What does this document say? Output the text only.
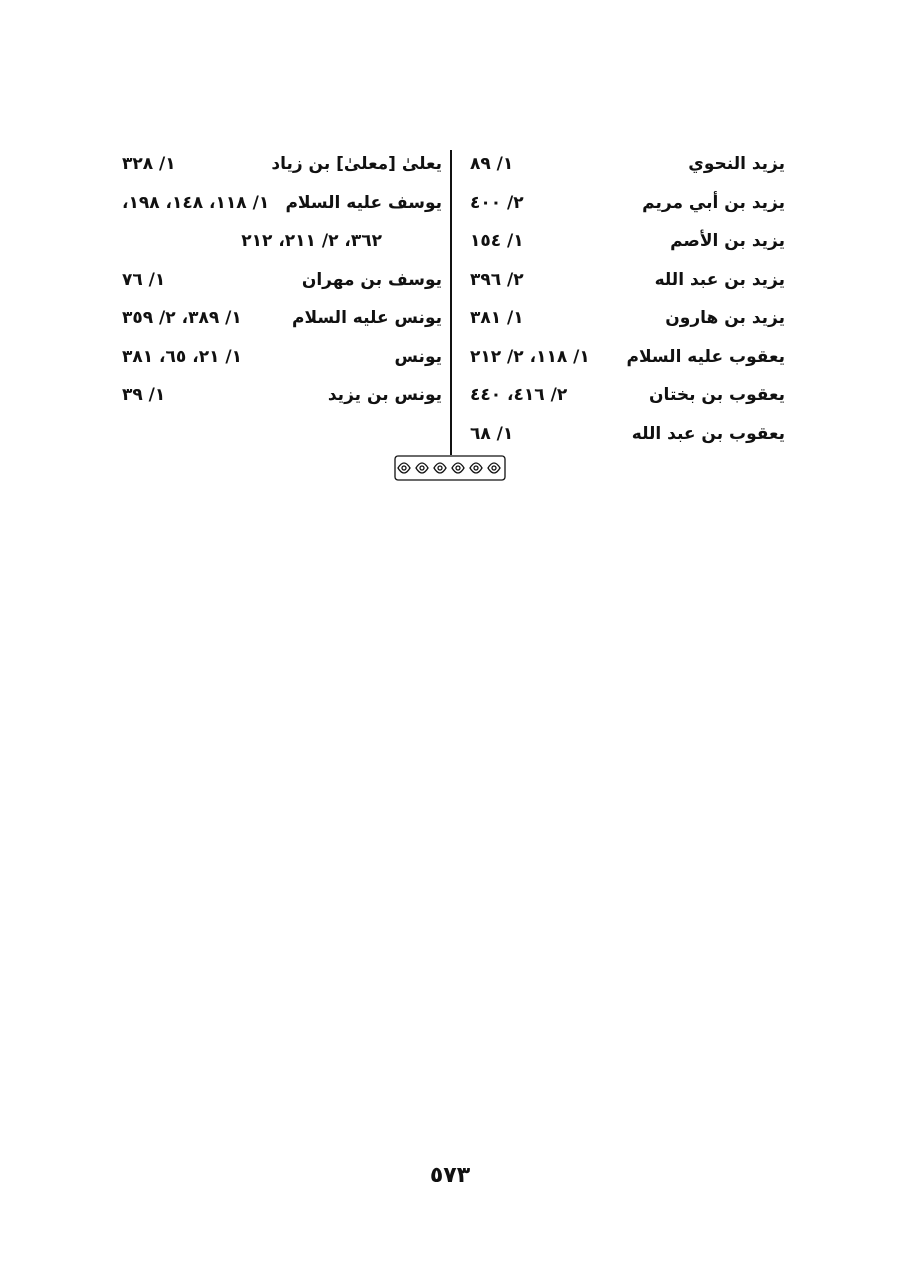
يزيد النحوي
١/ ٨٩
يزيد بن أبي مريم
٢/ ٤٠٠
يزيد بن الأصم
١/ ١٥٤
يزيد بن عبد الله
٢/ ٣٩٦
يزيد بن هارون
١/ ٣٨١
يعقوب عليه السلام
١/ ١١٨، ٢/ ٢١٢
يعقوب بن بختان
٢/ ٤١٦، ٤٤٠
يعقوب بن عبد الله
١/ ٦٨
يعلىٰ [معلىٰ] بن زياد
١/ ٣٢٨
يوسف عليه السلام
١/ ١١٨، ١٤٨، ١٩٨،
٣٦٢، ٢/ ٢١١، ٢١٢
يوسف بن مهران
١/ ٧٦
يونس عليه السلام
١/ ٣٨٩، ٢/ ٣٥٩
يونس
١/ ٢١، ٦٥، ٣٨١
يونس بن يزيد
١/ ٣٩
٥٧٣
